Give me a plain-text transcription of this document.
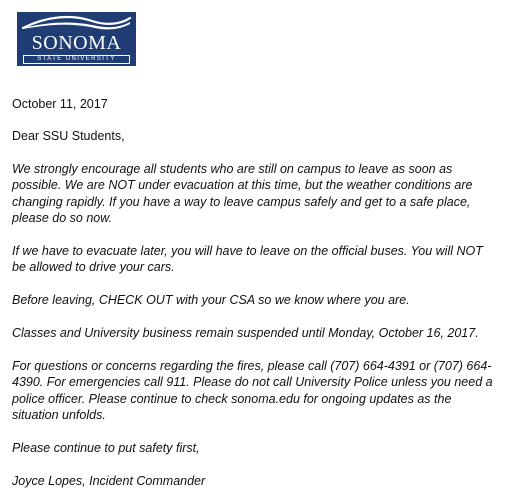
SONOMA
STATE UNIVERSITY

October 11, 2017

Dear SSU Students,

We strongly encourage all students who are still on campus to leave as soon as possible. We are NOT under evacuation at this time, but the weather conditions are changing rapidly. If you have a way to leave campus safely and get to a safe place, please do so now.

If we have to evacuate later, you will have to leave on the official buses. You will NOT be allowed to drive your cars.

Before leaving, CHECK OUT with your CSA so we know where you are.

Classes and University business remain suspended until Monday, October 16, 2017.

For questions or concerns regarding the fires, please call (707) 664-4391 or (707) 664-4390. For emergencies call 911. Please do not call University Police unless you need a police officer. Please continue to check sonoma.edu for ongoing updates as the situation unfolds.

Please continue to put safety first,

Joyce Lopes, Incident Commander
